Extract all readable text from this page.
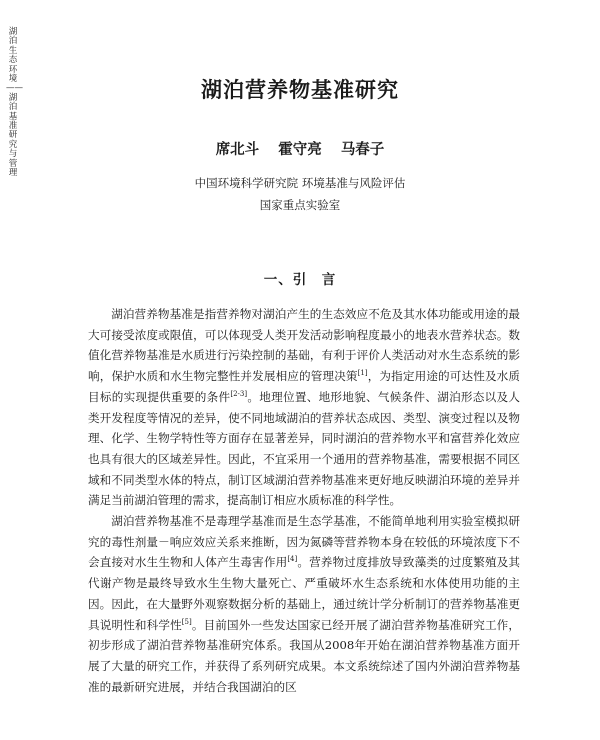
湖泊生态环境
——
湖泊基准研究与管理
湖泊营养物基准研究
席北斗 霍守亮 马春子
中国环境科学研究院 环境基准与风险评估
国家重点实验室
一、引　言

湖泊营养物基准是指营养物对湖泊产生的生态效应不危及其水体功能或用途的最大可接受浓度或限值，可以体现受人类开发活动影响程度最小的地表水营养状态。数值化营养物基准是水质进行污染控制的基础，有利于评价人类活动对水生态系统的影响，保护水质和水生物完整性并发展相应的管理决策[1]，为指定用途的可达性及水质目标的实现提供重要的条件[2-3]。地理位置、地形地貌、气候条件、湖泊形态以及人类开发程度等情况的差异，使不同地域湖泊的营养状态成因、类型、演变过程以及物理、化学、生物学特性等方面存在显著差异，同时湖泊的营养物水平和富营养化效应也具有很大的区域差异性。因此，不宜采用一个通用的营养物基准，需要根据不同区域和不同类型水体的特点，制订区域湖泊营养物基准来更好地反映湖泊环境的差异并满足当前湖泊管理的需求，提高制订相应水质标准的科学性。

湖泊营养物基准不是毒理学基准而是生态学基准，不能简单地利用实验室模拟研究的毒性剂量－响应效应关系来推断，因为氮磷等营养物本身在较低的环境浓度下不会直接对水生生物和人体产生毒害作用[4]。营养物过度排放导致藻类的过度繁殖及其代谢产物是最终导致水生生物大量死亡、严重破坏水生态系统和水体使用功能的主因。因此，在大量野外观察数据分析的基础上，通过统计学分析制订的营养物基准更具说明性和科学性[5]。目前国外一些发达国家已经开展了湖泊营养物基准研究工作，初步形成了湖泊营养物基准研究体系。我国从2008年开始在湖泊营养物基准方面开展了大量的研究工作，并获得了系列研究成果。本文系统综述了国内外湖泊营养物基准的最新研究进展，并结合我国湖泊的区
